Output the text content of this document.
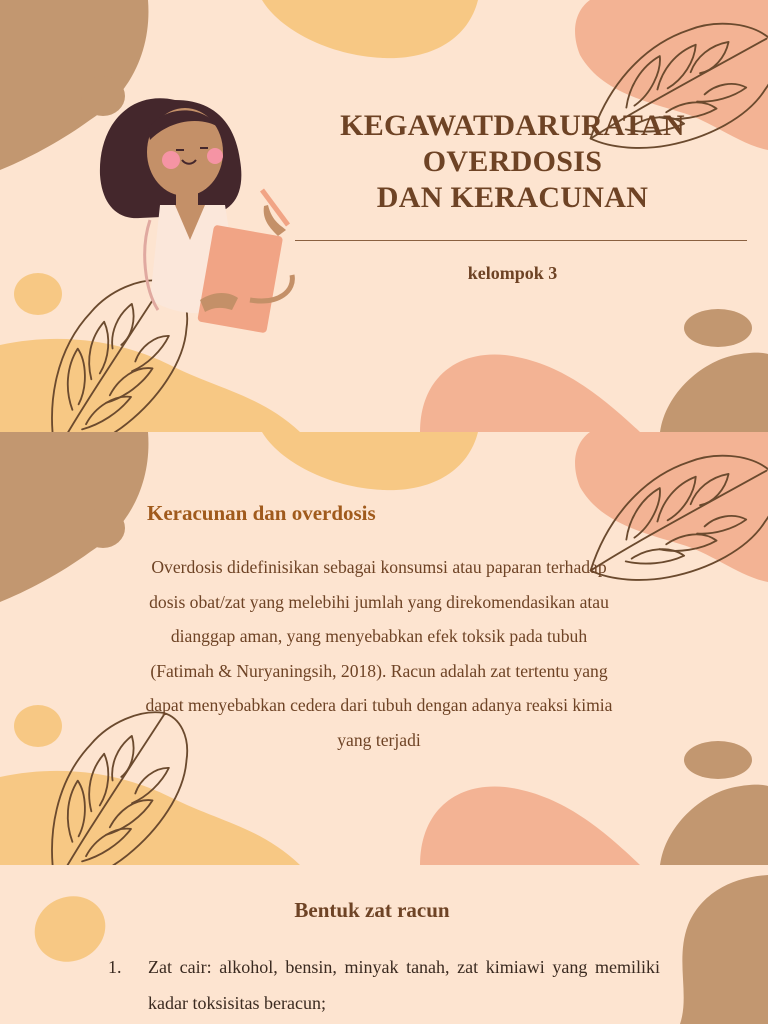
KEGAWATDARURATAN
OVERDOSIS
DAN KERACUNAN
kelompok 3
Keracunan dan overdosis

Overdosis didefinisikan sebagai konsumsi atau paparan terhadap dosis obat/zat yang melebihi jumlah yang direkomendasikan atau dianggap aman, yang menyebabkan efek toksik pada tubuh (Fatimah & Nuryaningsih, 2018). Racun adalah zat tertentu yang dapat menyebabkan cedera dari tubuh dengan adanya reaksi kimia yang terjadi

Bentuk zat racun
1. Zat cair: alkohol, bensin, minyak tanah, zat kimiawi yang memiliki kadar toksisitas beracun;
